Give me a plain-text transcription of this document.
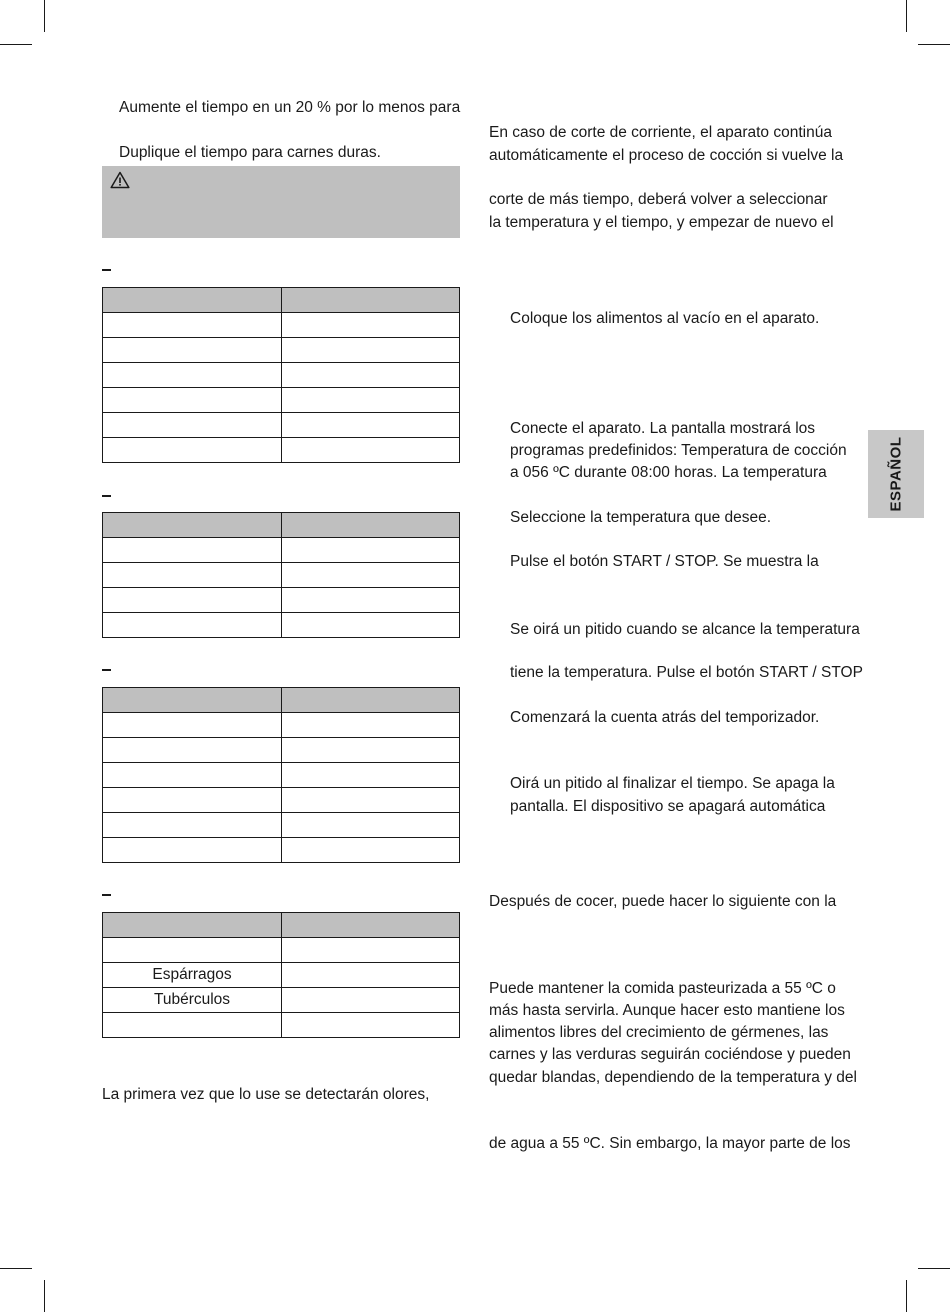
Aumente el tiempo en un 20 % por lo menos para
Duplique el tiempo para carnes duras.

Espárragos	
Tubérculos	

La primera vez que lo use se detectarán olores,
En caso de corte de corriente, el aparato continúa
automáticamente el proceso de cocción si vuelve la
corte de más tiempo, deberá volver a seleccionar
la temperatura y el tiempo, y empezar de nuevo el
Coloque los alimentos al vacío en el aparato.
Conecte el aparato. La pantalla mostrará los
programas predefinidos: Temperatura de cocción
a 056 ºC durante 08:00 horas. La temperatura
Seleccione la temperatura que desee.
Pulse el botón START / STOP. Se muestra la
Se oirá un pitido cuando se alcance la temperatura
tiene la temperatura. Pulse el botón START / STOP
Comenzará la cuenta atrás del temporizador.
Oirá un pitido al finalizar el tiempo. Se apaga la
pantalla. El dispositivo se apagará automática
Después de cocer, puede hacer lo siguiente con la
Puede mantener la comida pasteurizada a 55 ºC o
más hasta servirla. Aunque hacer esto mantiene los
alimentos libres del crecimiento de gérmenes, las
carnes y las verduras seguirán cociéndose y pueden
quedar blandas, dependiendo de la temperatura y del
de agua a 55 ºC. Sin embargo, la mayor parte de los
ESPAÑOL
